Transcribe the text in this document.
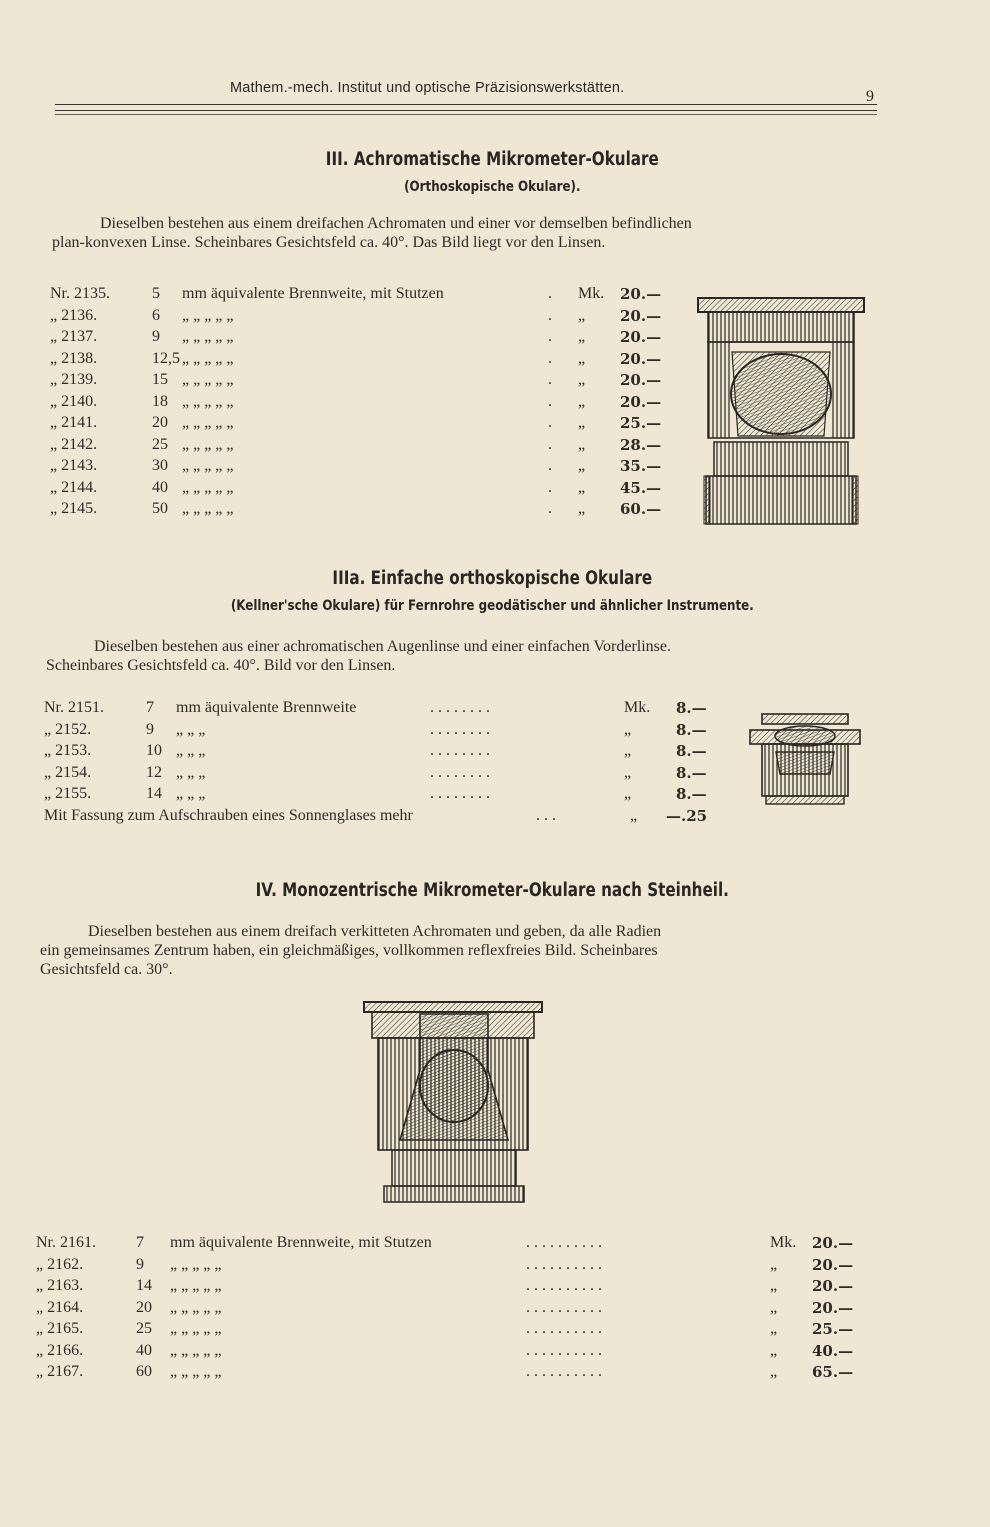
Mathem.-mech. Institut und optische Präzisionswerkstätten.	9
III. Achromatische Mikrometer-Okulare
(Orthoskopische Okulare).
Dieselben bestehen aus einem dreifachen Achromaten und einer vor demselben befindlichen
plan-konvexen Linse. Scheinbares Gesichtsfeld ca. 40°. Das Bild liegt vor den Linsen.
Nr. 2135.	5 mm äquivalente Brennweite, mit Stutzen	. Mk. 20.—
„ 2136.	6 „ „ „ „ „	. „ 20.—
„ 2137.	9 „ „ „ „ „	. „ 20.—
„ 2138.	12,5 „ „ „ „ „	. „ 20.—
„ 2139.	15 „ „ „ „ „	. „ 20.—
„ 2140.	18 „ „ „ „ „	. „ 20.—
„ 2141.	20 „ „ „ „ „	. „ 25.—
„ 2142.	25 „ „ „ „ „	. „ 28.—
„ 2143.	30 „ „ „ „ „	. „ 35.—
„ 2144.	40 „ „ „ „ „	. „ 45.—
„ 2145.	50 „ „ „ „ „	. „ 60.—
IIIa. Einfache orthoskopische Okulare
(Kellner'sche Okulare) für Fernrohre geodätischer und ähnlicher Instrumente.
Dieselben bestehen aus einer achromatischen Augenlinse und einer einfachen Vorderlinse.
Scheinbares Gesichtsfeld ca. 40°. Bild vor den Linsen.
Nr. 2151.	7 mm äquivalente Brennweite	. . . . . . . .	Mk. 8.—
„ 2152.	9 „ „ „	. . . . . . . .	„	8.—
„ 2153.	10 „ „ „	. . . . . . . .	„	8.—
„ 2154.	12 „ „ „	. . . . . . . .	„	8.—
„ 2155.	14 „ „ „	. . . . . . . .	„	8.—
Mit Fassung zum Aufschrauben eines Sonnenglases mehr	. . .	„ —.25
IV. Monozentrische Mikrometer-Okulare nach Steinheil.
Dieselben bestehen aus einem dreifach verkitteten Achromaten und geben, da alle Radien
ein gemeinsames Zentrum haben, ein gleichmäßiges, vollkommen reflexfreies Bild. Scheinbares
Gesichtsfeld ca. 30°.
Nr. 2161.	7 mm äquivalente Brennweite, mit Stutzen	. . . . . . . . . .	Mk. 20.—
„ 2162.	9 „ „ „ „ „	. . . . . . . . . .	„ 20.—
„ 2163.	14 „ „ „ „ „	. . . . . . . . . .	„ 20.—
„ 2164.	20 „ „ „ „ „	. . . . . . . . . .	„ 20.—
„ 2165.	25 „ „ „ „ „	. . . . . . . . . .	„ 25.—
„ 2166.	40 „ „ „ „ „	. . . . . . . . . .	„ 40.—
„ 2167.	60 „ „ „ „ „	. . . . . . . . . .	„ 65.—
